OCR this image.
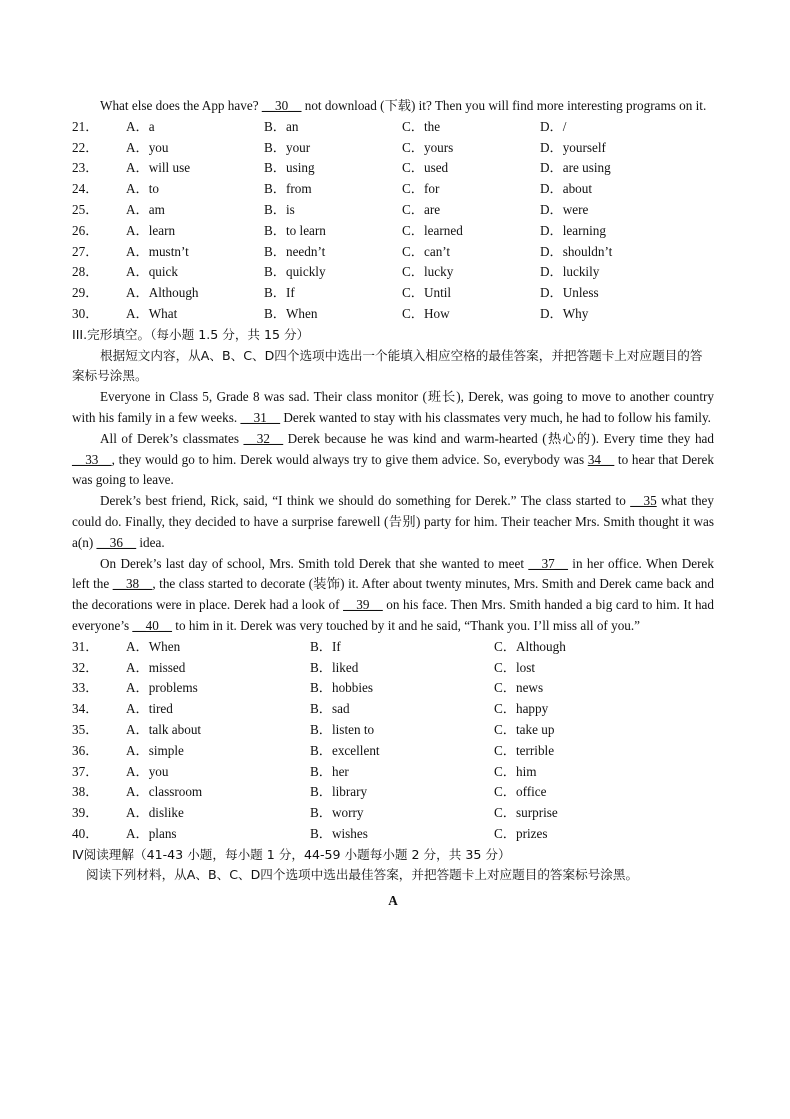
What else does the App have? __30__ not download (下载) it? Then you will find more interesting programs on it.

21．	A．a	B．an	C．the	D．/
22．	A．you	B．your	C．yours	D．yourself
23．	A．will use	B．using	C．used	D．are using
24．	A．to	B．from	C．for	D．about
25．	A．am	B．is	C．are	D．were
26．	A．learn	B．to learn	C．learned	D．learning
27．	A．mustn’t	B．needn’t	C．can’t	D．shouldn’t
28．	A．quick	B．quickly	C．lucky	D．luckily
29．	A．Although	B．If	C．Until	D．Unless
30．	A．What	B．When	C．How	D．Why

III.完形填空。（每小题 1.5 分，共 15 分）

根据短文内容，从A、B、C、D四个选项中选出一个能填入相应空格的最佳答案，并把答题卡上对应题目的答案标号涂黑。

Everyone in Class 5, Grade 8 was sad. Their class monitor (班长), Derek, was going to move to another country with his family in a few weeks. __31__ Derek wanted to stay with his classmates very much, he had to follow his family.

All of Derek’s classmates __32__ Derek because he was kind and warm-hearted (热心的). Every time they had __33__, they would go to him. Derek would always try to give them advice. So, everybody was 34__ to hear that Derek was going to leave.

Derek’s best friend, Rick, said, “I think we should do something for Derek.” The class started to __35 what they could do. Finally, they decided to have a surprise farewell (告别) party for him. Their teacher Mrs. Smith thought it was a(n) __36__ idea.

On Derek’s last day of school, Mrs. Smith told Derek that she wanted to meet __37__ in her office. When Derek left the __38__, the class started to decorate (装饰) it. After about twenty minutes, Mrs. Smith and Derek came back and the decorations were in place. Derek had a look of __39__ on his face. Then Mrs. Smith handed a big card to him. It had everyone’s __40__ to him in it. Derek was very touched by it and he said, “Thank you. I’ll miss all of you.”

31．	A．When	B．If	C．Although
32．	A．missed	B．liked	C．lost
33．	A．problems	B．hobbies	C．news
34．	A．tired	B．sad	C．happy
35．	A．talk about	B．listen to	C．take up
36．	A．simple	B．excellent	C．terrible
37．	A．you	B．her	C．him
38．	A．classroom	B．library	C．office
39．	A．dislike	B．worry	C．surprise
40．	A．plans	B．wishes	C．prizes

Ⅳ阅读理解（41-43 小题，每小题 1 分，44-59 小题每小题 2 分，共 35 分）

阅读下列材料，从A、B、C、D四个选项中选出最佳答案，并把答题卡上对应题目的答案标号涂黑。

A
